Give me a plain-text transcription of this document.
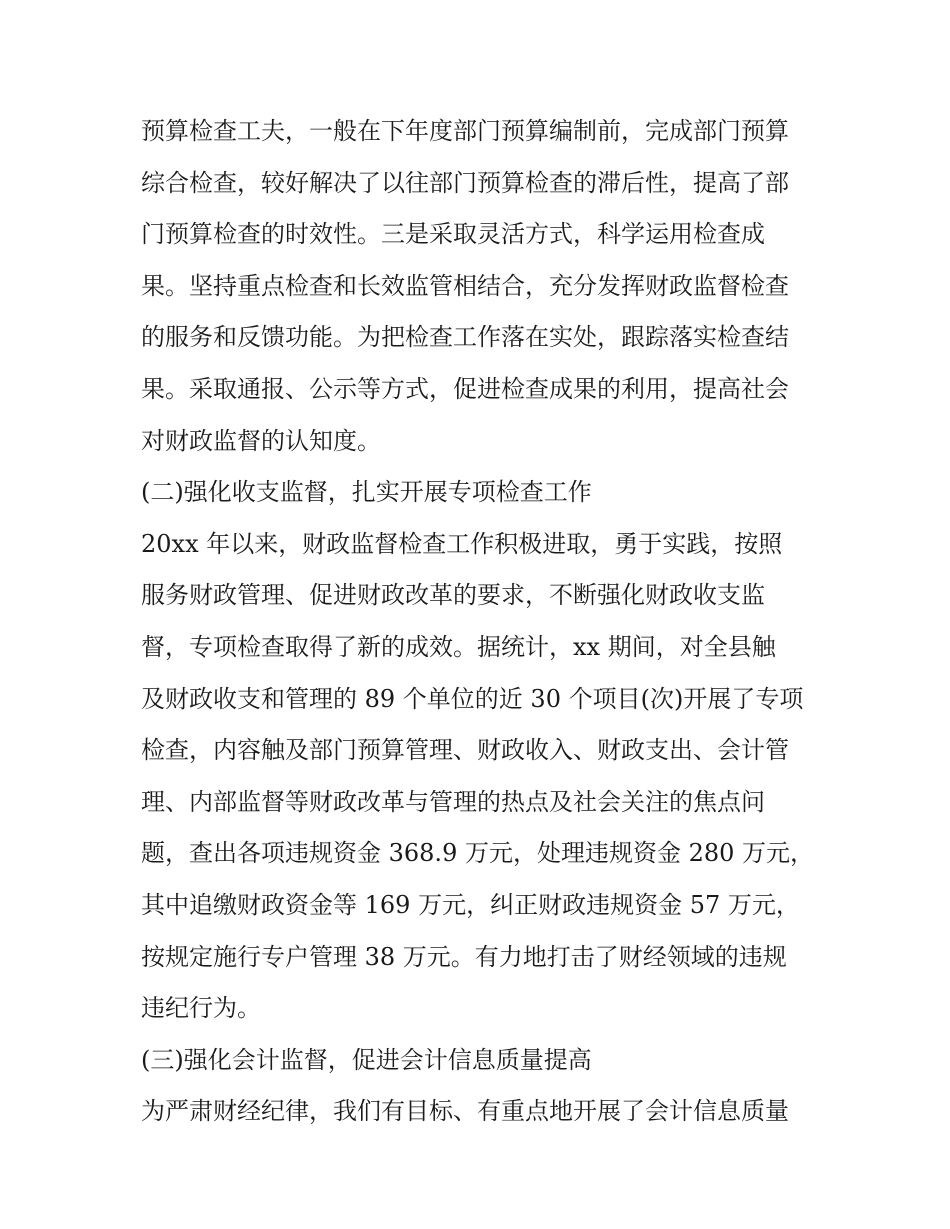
预算检查工夫，一般在下年度部门预算编制前，完成部门预算
综合检查，较好解决了以往部门预算检查的滞后性，提高了部
门预算检查的时效性。三是采取灵活方式，科学运用检查成
果。坚持重点检查和长效监管相结合，充分发挥财政监督检查
的服务和反馈功能。为把检查工作落在实处，跟踪落实检查结
果。采取通报、公示等方式，促进检查成果的利用，提高社会
对财政监督的认知度。
(二)强化收支监督，扎实开展专项检查工作
20xx 年以来，财政监督检查工作积极进取，勇于实践，按照
服务财政管理、促进财政改革的要求，不断强化财政收支监
督，专项检查取得了新的成效。据统计，xx 期间，对全县触
及财政收支和管理的 89 个单位的近 30 个项目(次)开展了专项
检查，内容触及部门预算管理、财政收入、财政支出、会计管
理、内部监督等财政改革与管理的热点及社会关注的焦点问
题，查出各项违规资金 368.9 万元，处理违规资金 280 万元，
其中追缴财政资金等 169 万元，纠正财政违规资金 57 万元，
按规定施行专户管理 38 万元。有力地打击了财经领域的违规
违纪行为。
(三)强化会计监督，促进会计信息质量提高
为严肃财经纪律，我们有目标、有重点地开展了会计信息质量
